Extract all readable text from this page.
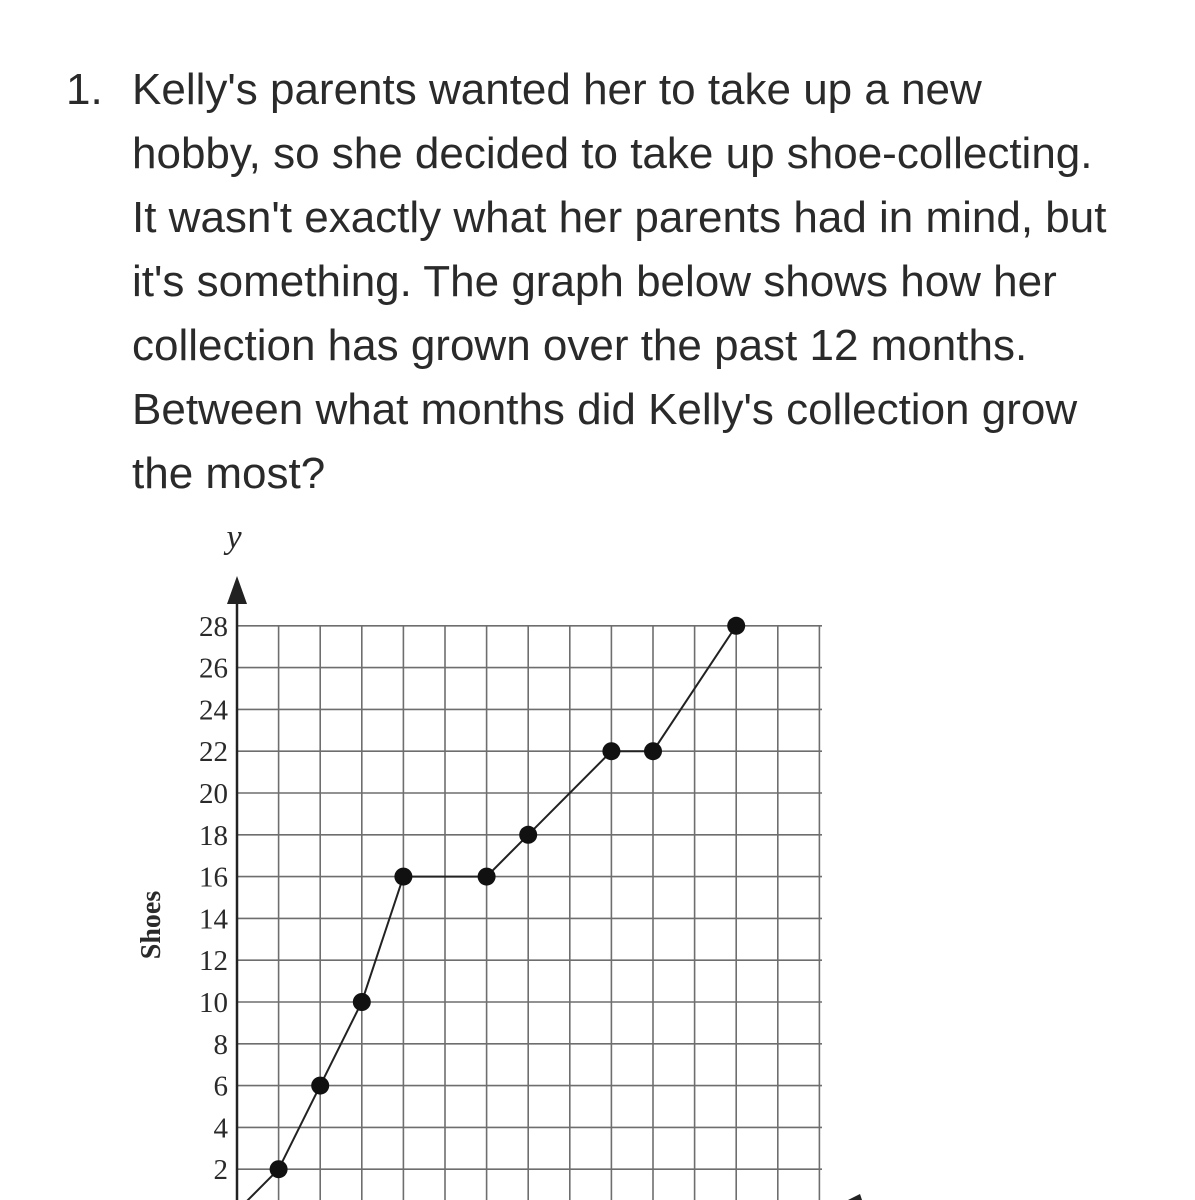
1. Kelly's parents wanted her to take up a new
hobby, so she decided to take up shoe-collecting.
It wasn't exactly what her parents had in mind, but
it's something. The graph below shows how her
collection has grown over the past 12 months.
Between what months did Kelly's collection grow
the most?
y
Shoes
2
4
6
8
10
12
14
16
18
20
22
24
26
28
